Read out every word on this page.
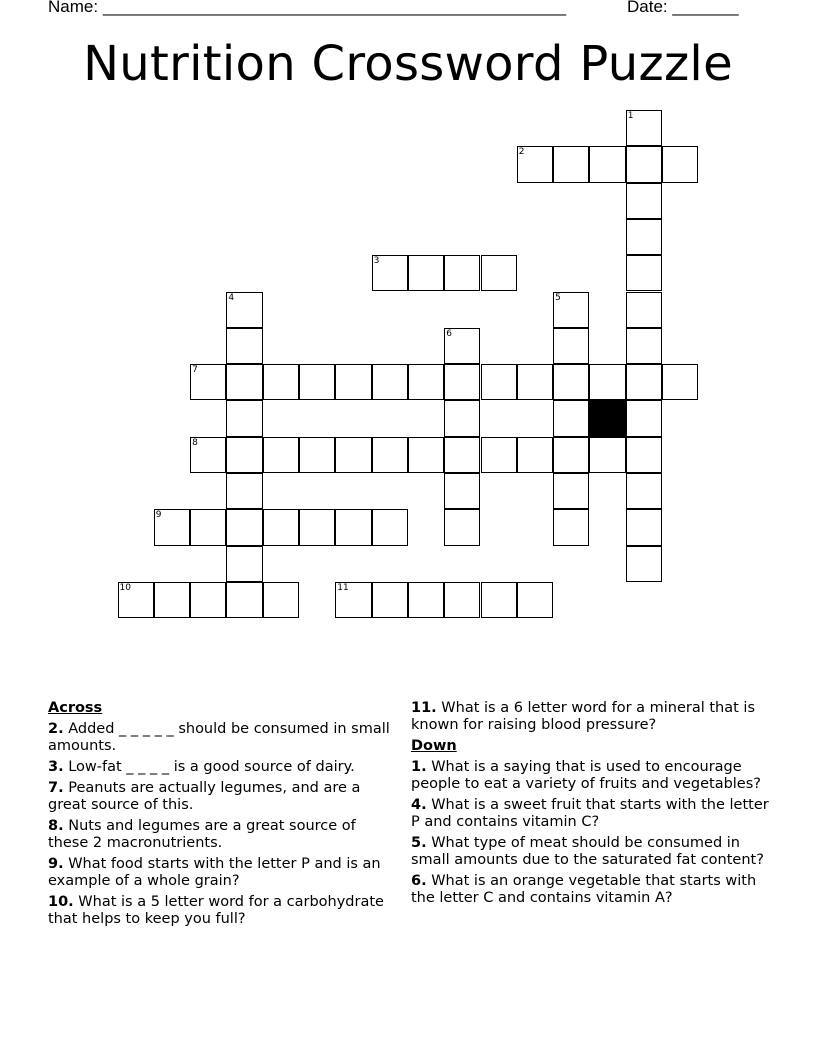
Name: _________________________________________________	Date: _______
Nutrition Crossword Puzzle
1
2
3
4	5
6
7
8
9
10	11
Across
2. Added _ _ _ _ _ should be consumed in small amounts.
3. Low-fat _ _ _ _ is a good source of dairy.
7. Peanuts are actually legumes, and are a great source of this.
8. Nuts and legumes are a great source of these 2 macronutrients.
9. What food starts with the letter P and is an example of a whole grain?
10. What is a 5 letter word for a carbohydrate that helps to keep you full?
11. What is a 6 letter word for a mineral that is known for raising blood pressure?
Down
1. What is a saying that is used to encourage people to eat a variety of fruits and vegetables?
4. What is a sweet fruit that starts with the letter P and contains vitamin C?
5. What type of meat should be consumed in small amounts due to the saturated fat content?
6. What is an orange vegetable that starts with the letter C and contains vitamin A?
